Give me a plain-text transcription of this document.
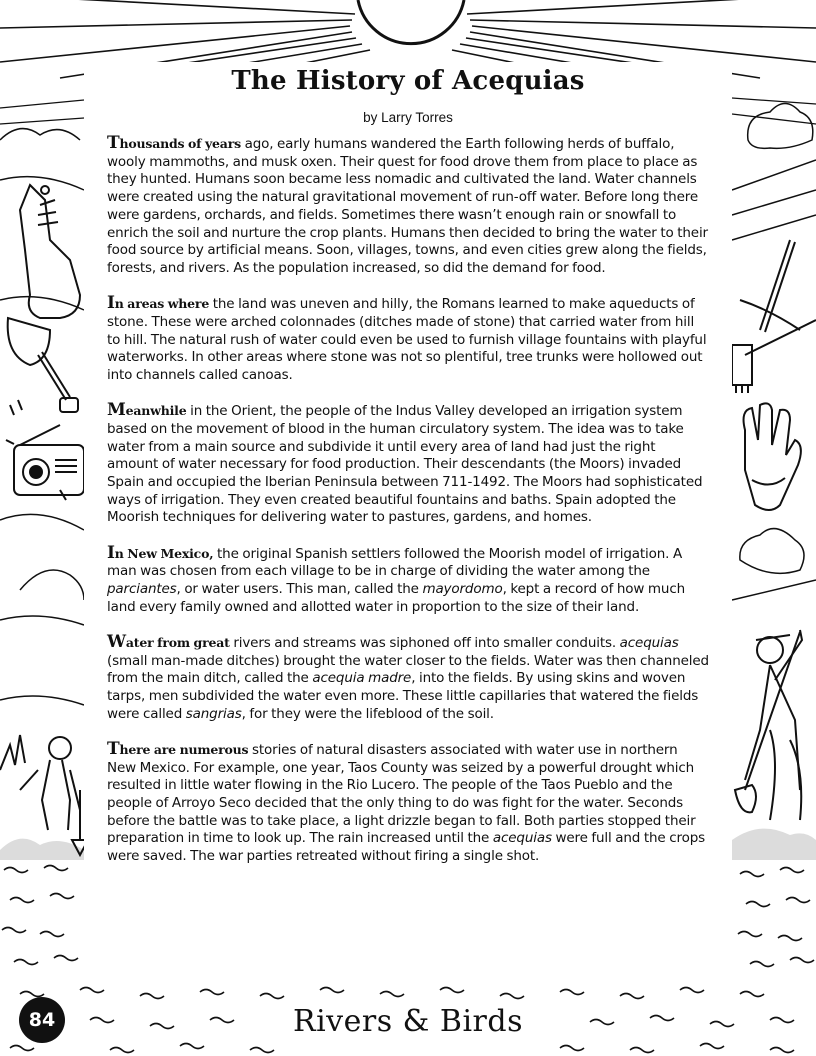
The History of Acequias
by Larry Torres

Thousands of years ago, early humans wandered the Earth following herds of buffalo, wooly mammoths, and musk oxen. Their quest for food drove them from place to place as they hunted. Humans soon became less nomadic and cultivated the land. Water channels were created using the natural gravitational movement of run-off water. Before long there were gardens, orchards, and fields. Sometimes there wasn’t enough rain or snowfall to enrich the soil and nurture the crop plants. Humans then decided to bring the water to their food source by artificial means. Soon, villages, towns, and even cities grew along the fields, forests, and rivers. As the population increased, so did the demand for food.

In areas where the land was uneven and hilly, the Romans learned to make aqueducts of stone. These were arched colonnades (ditches made of stone) that carried water from hill to hill. The natural rush of water could even be used to furnish village fountains with playful waterworks. In other areas where stone was not so plentiful, tree trunks were hollowed out into channels called canoas.

Meanwhile in the Orient, the people of the Indus Valley developed an irrigation system based on the movement of blood in the human circulatory system. The idea was to take water from a main source and subdivide it until every area of land had just the right amount of water necessary for food production. Their descendants (the Moors) invaded Spain and occupied the Iberian Peninsula between 711-1492. The Moors had sophisticated ways of irrigation. They even created beautiful fountains and baths. Spain adopted the Moorish techniques for delivering water to pastures, gardens, and homes.

In New Mexico, the original Spanish settlers followed the Moorish model of irrigation. A man was chosen from each village to be in charge of dividing the water among the parciantes, or water users. This man, called the mayordomo, kept a record of how much land every family owned and allotted water in proportion to the size of their land.

Water from great rivers and streams was siphoned off into smaller conduits. acequias (small man-made ditches) brought the water closer to the fields. Water was then channeled from the main ditch, called the acequia madre, into the fields. By using skins and woven tarps, men subdivided the water even more. These little capillaries that watered the fields were called sangrias, for they were the lifeblood of the soil.

There are numerous stories of natural disasters associated with water use in northern New Mexico. For example, one year, Taos County was seized by a powerful drought which resulted in little water flowing in the Rio Lucero. The people of the Taos Pueblo and the people of Arroyo Seco decided that the only thing to do was fight for the water. Seconds before the battle was to take place, a light drizzle began to fall. Both parties stopped their preparation in time to look up. The rain increased until the acequias were full and the crops were saved. The war parties retreated without firing a single shot.

84	Rivers & Birds
